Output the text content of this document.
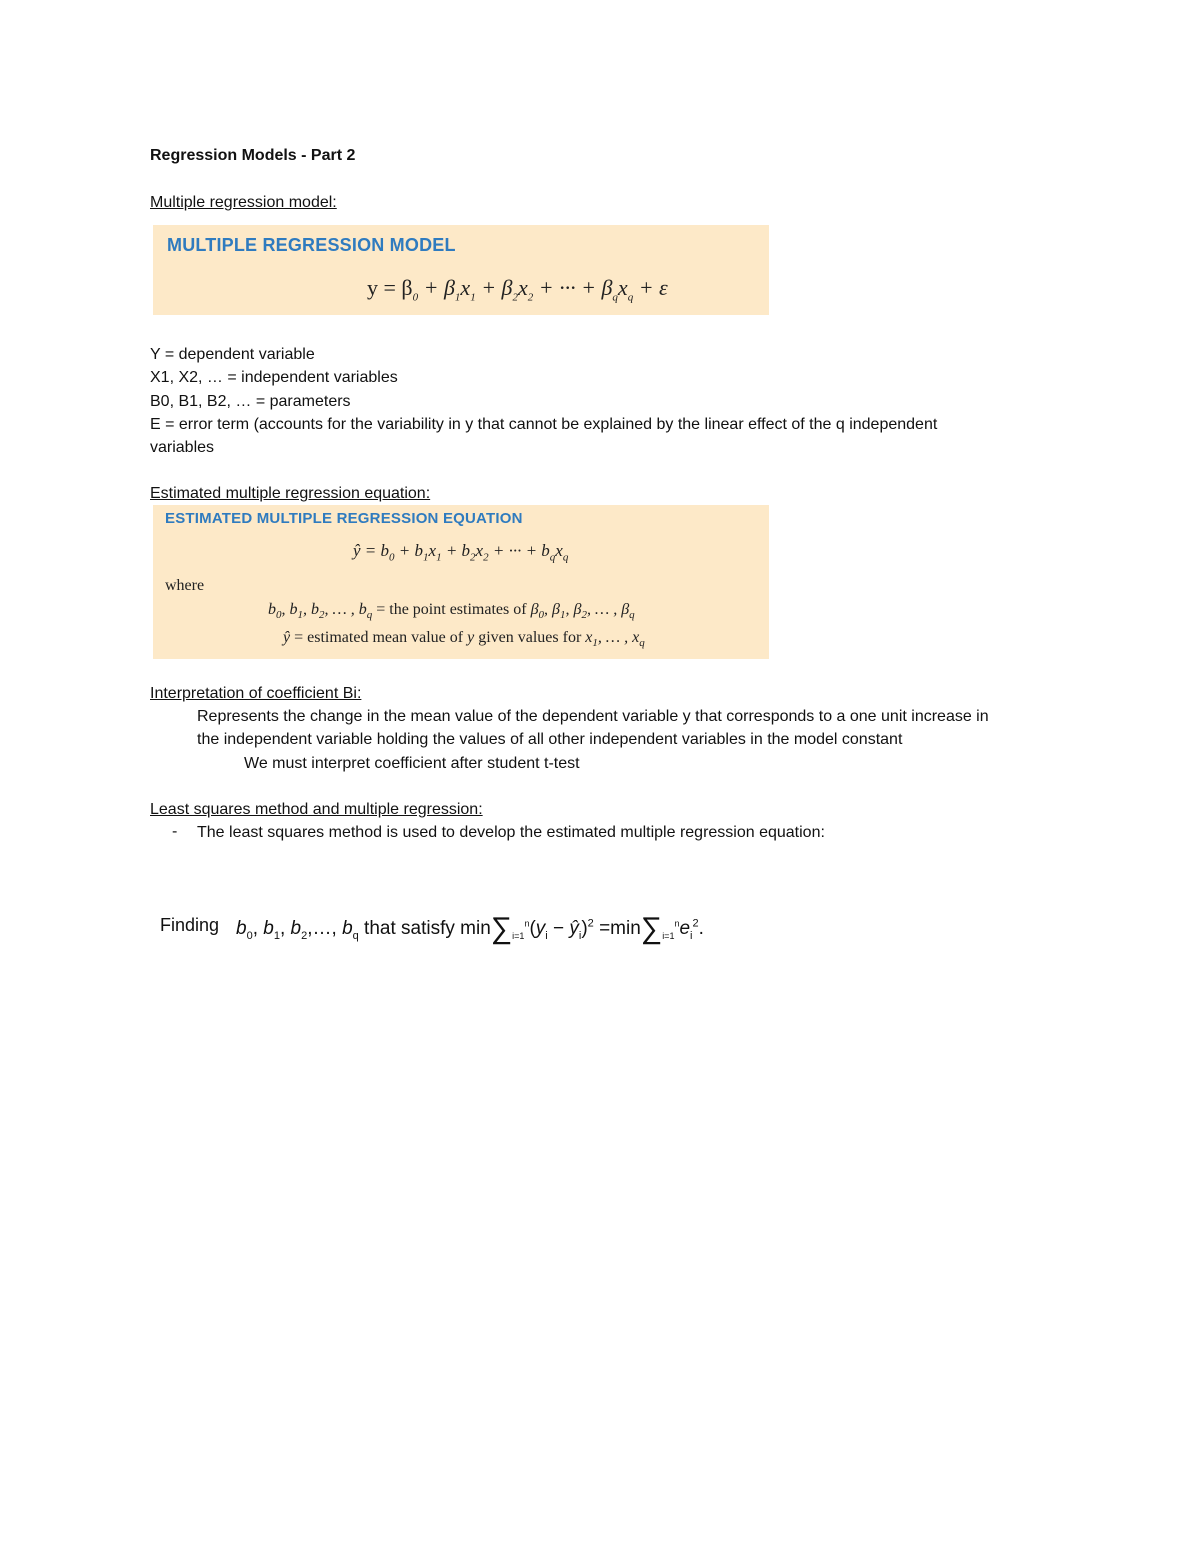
Regression Models - Part 2
Multiple regression model:
MULTIPLE REGRESSION MODEL
$y = \beta_0 + \beta_1x_1 + \beta_2x_2$ + ··· + $\beta_qx_q + \varepsilon$
Y = dependent variable
X1, X2, … = independent variables
B0, B1, B2, … = parameters
E = error term (accounts for the variability in y that cannot be explained by the linear effect of the q independent
variables
Estimated multiple regression equation:
ESTIMATED MULTIPLE REGRESSION EQUATION
ŷ = $b_0 + b_1x_1 + b_2x_2$ + ··· + $b_qx_q$
where
$b_0$, $b_1$, $b_2$, … , $b_q$ = the point estimates of $\beta_0$, $\beta_1$, $\beta_2$, … , $\beta_q$
ŷ = estimated mean value of y given values for $x_1$, … , $x_q$
Interpretation of coefficient Bi:
Represents the change in the mean value of the dependent variable y that corresponds to a one unit increase in
the independent variable holding the values of all other independent variables in the model constant
We must interpret coefficient after student t-test
Least squares method and multiple regression:
- The least squares method is used to develop the estimated multiple regression equation:
Finding $b_0$, $b_1$, $b_2,\dots$, $b_q$ that satisfy $\min\sum_{i=1}^n(y_i$ − $ŷ_i)^2 =\min\sum_{i=1}^ne_i^2$.
